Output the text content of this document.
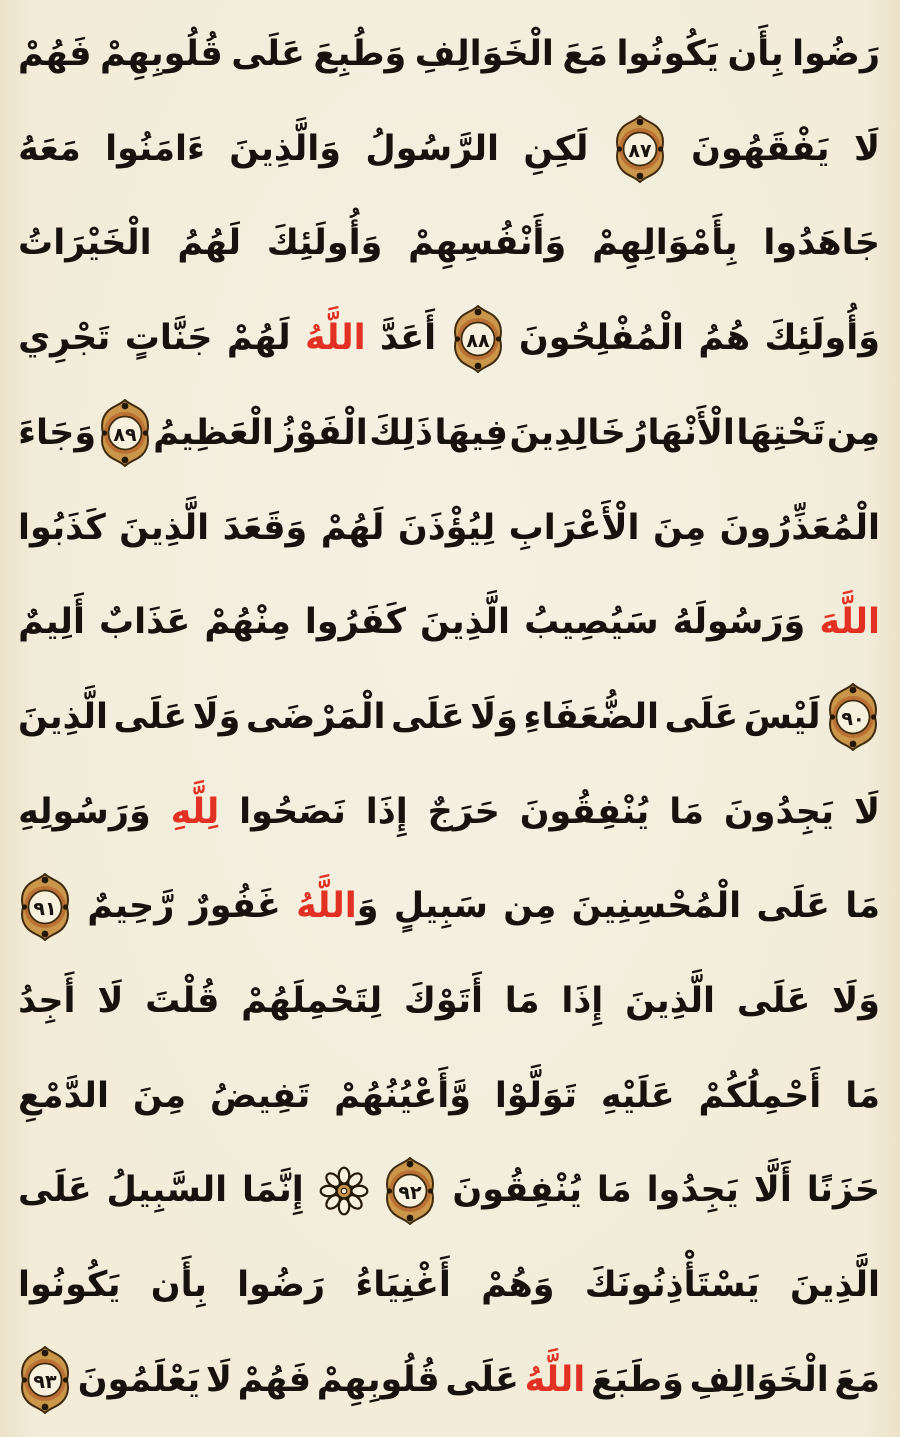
رَضُوا
بِأَن
يَكُونُوا
مَعَ
الْخَوَالِفِ
وَطُبِعَ
عَلَى
قُلُوبِهِمْ
فَهُمْ
لَا
يَفْقَهُونَ
٨٧
لَكِنِ
الرَّسُولُ
وَالَّذِينَ
ءَامَنُوا
مَعَهُ
جَاهَدُوا
بِأَمْوَالِهِمْ
وَأَنْفُسِهِمْ
وَأُولَئِكَ
لَهُمُ
الْخَيْرَاتُ
وَأُولَئِكَ
هُمُ
الْمُفْلِحُونَ
٨٨
أَعَدَّ
اللَّهُ
لَهُمْ
جَنَّاتٍ
تَجْرِي
مِن
تَحْتِهَا
الْأَنْهَارُ
خَالِدِينَ
فِيهَا
ذَلِكَ
الْفَوْزُ
الْعَظِيمُ
٨٩
وَجَاءَ
الْمُعَذِّرُونَ
مِنَ
الْأَعْرَابِ
لِيُؤْذَنَ
لَهُمْ
وَقَعَدَ
الَّذِينَ
كَذَبُوا
اللَّهَ
وَرَسُولَهُ
سَيُصِيبُ
الَّذِينَ
كَفَرُوا
مِنْهُمْ
عَذَابٌ
أَلِيمٌ
٩٠
لَيْسَ
عَلَى
الضُّعَفَاءِ
وَلَا
عَلَى
الْمَرْضَى
وَلَا
عَلَى
الَّذِينَ
لَا
يَجِدُونَ
مَا
يُنْفِقُونَ
حَرَجٌ
إِذَا
نَصَحُوا
لِلَّهِ
وَرَسُولِهِ
مَا
عَلَى
الْمُحْسِنِينَ
مِن
سَبِيلٍ
وَاللَّهُ
غَفُورٌ
رَّحِيمٌ
٩١
وَلَا
عَلَى
الَّذِينَ
إِذَا
مَا
أَتَوْكَ
لِتَحْمِلَهُمْ
قُلْتَ
لَا
أَجِدُ
مَا
أَحْمِلُكُمْ
عَلَيْهِ
تَوَلَّوْا
وَّأَعْيُنُهُمْ
تَفِيضُ
مِنَ
الدَّمْعِ
حَزَنًا
أَلَّا
يَجِدُوا
مَا
يُنْفِقُونَ
٩٢
إِنَّمَا
السَّبِيلُ
عَلَى
الَّذِينَ
يَسْتَأْذِنُونَكَ
وَهُمْ
أَغْنِيَاءُ
رَضُوا
بِأَن
يَكُونُوا
مَعَ
الْخَوَالِفِ
وَطَبَعَ
اللَّهُ
عَلَى
قُلُوبِهِمْ
فَهُمْ
لَا
يَعْلَمُونَ
٩٣
